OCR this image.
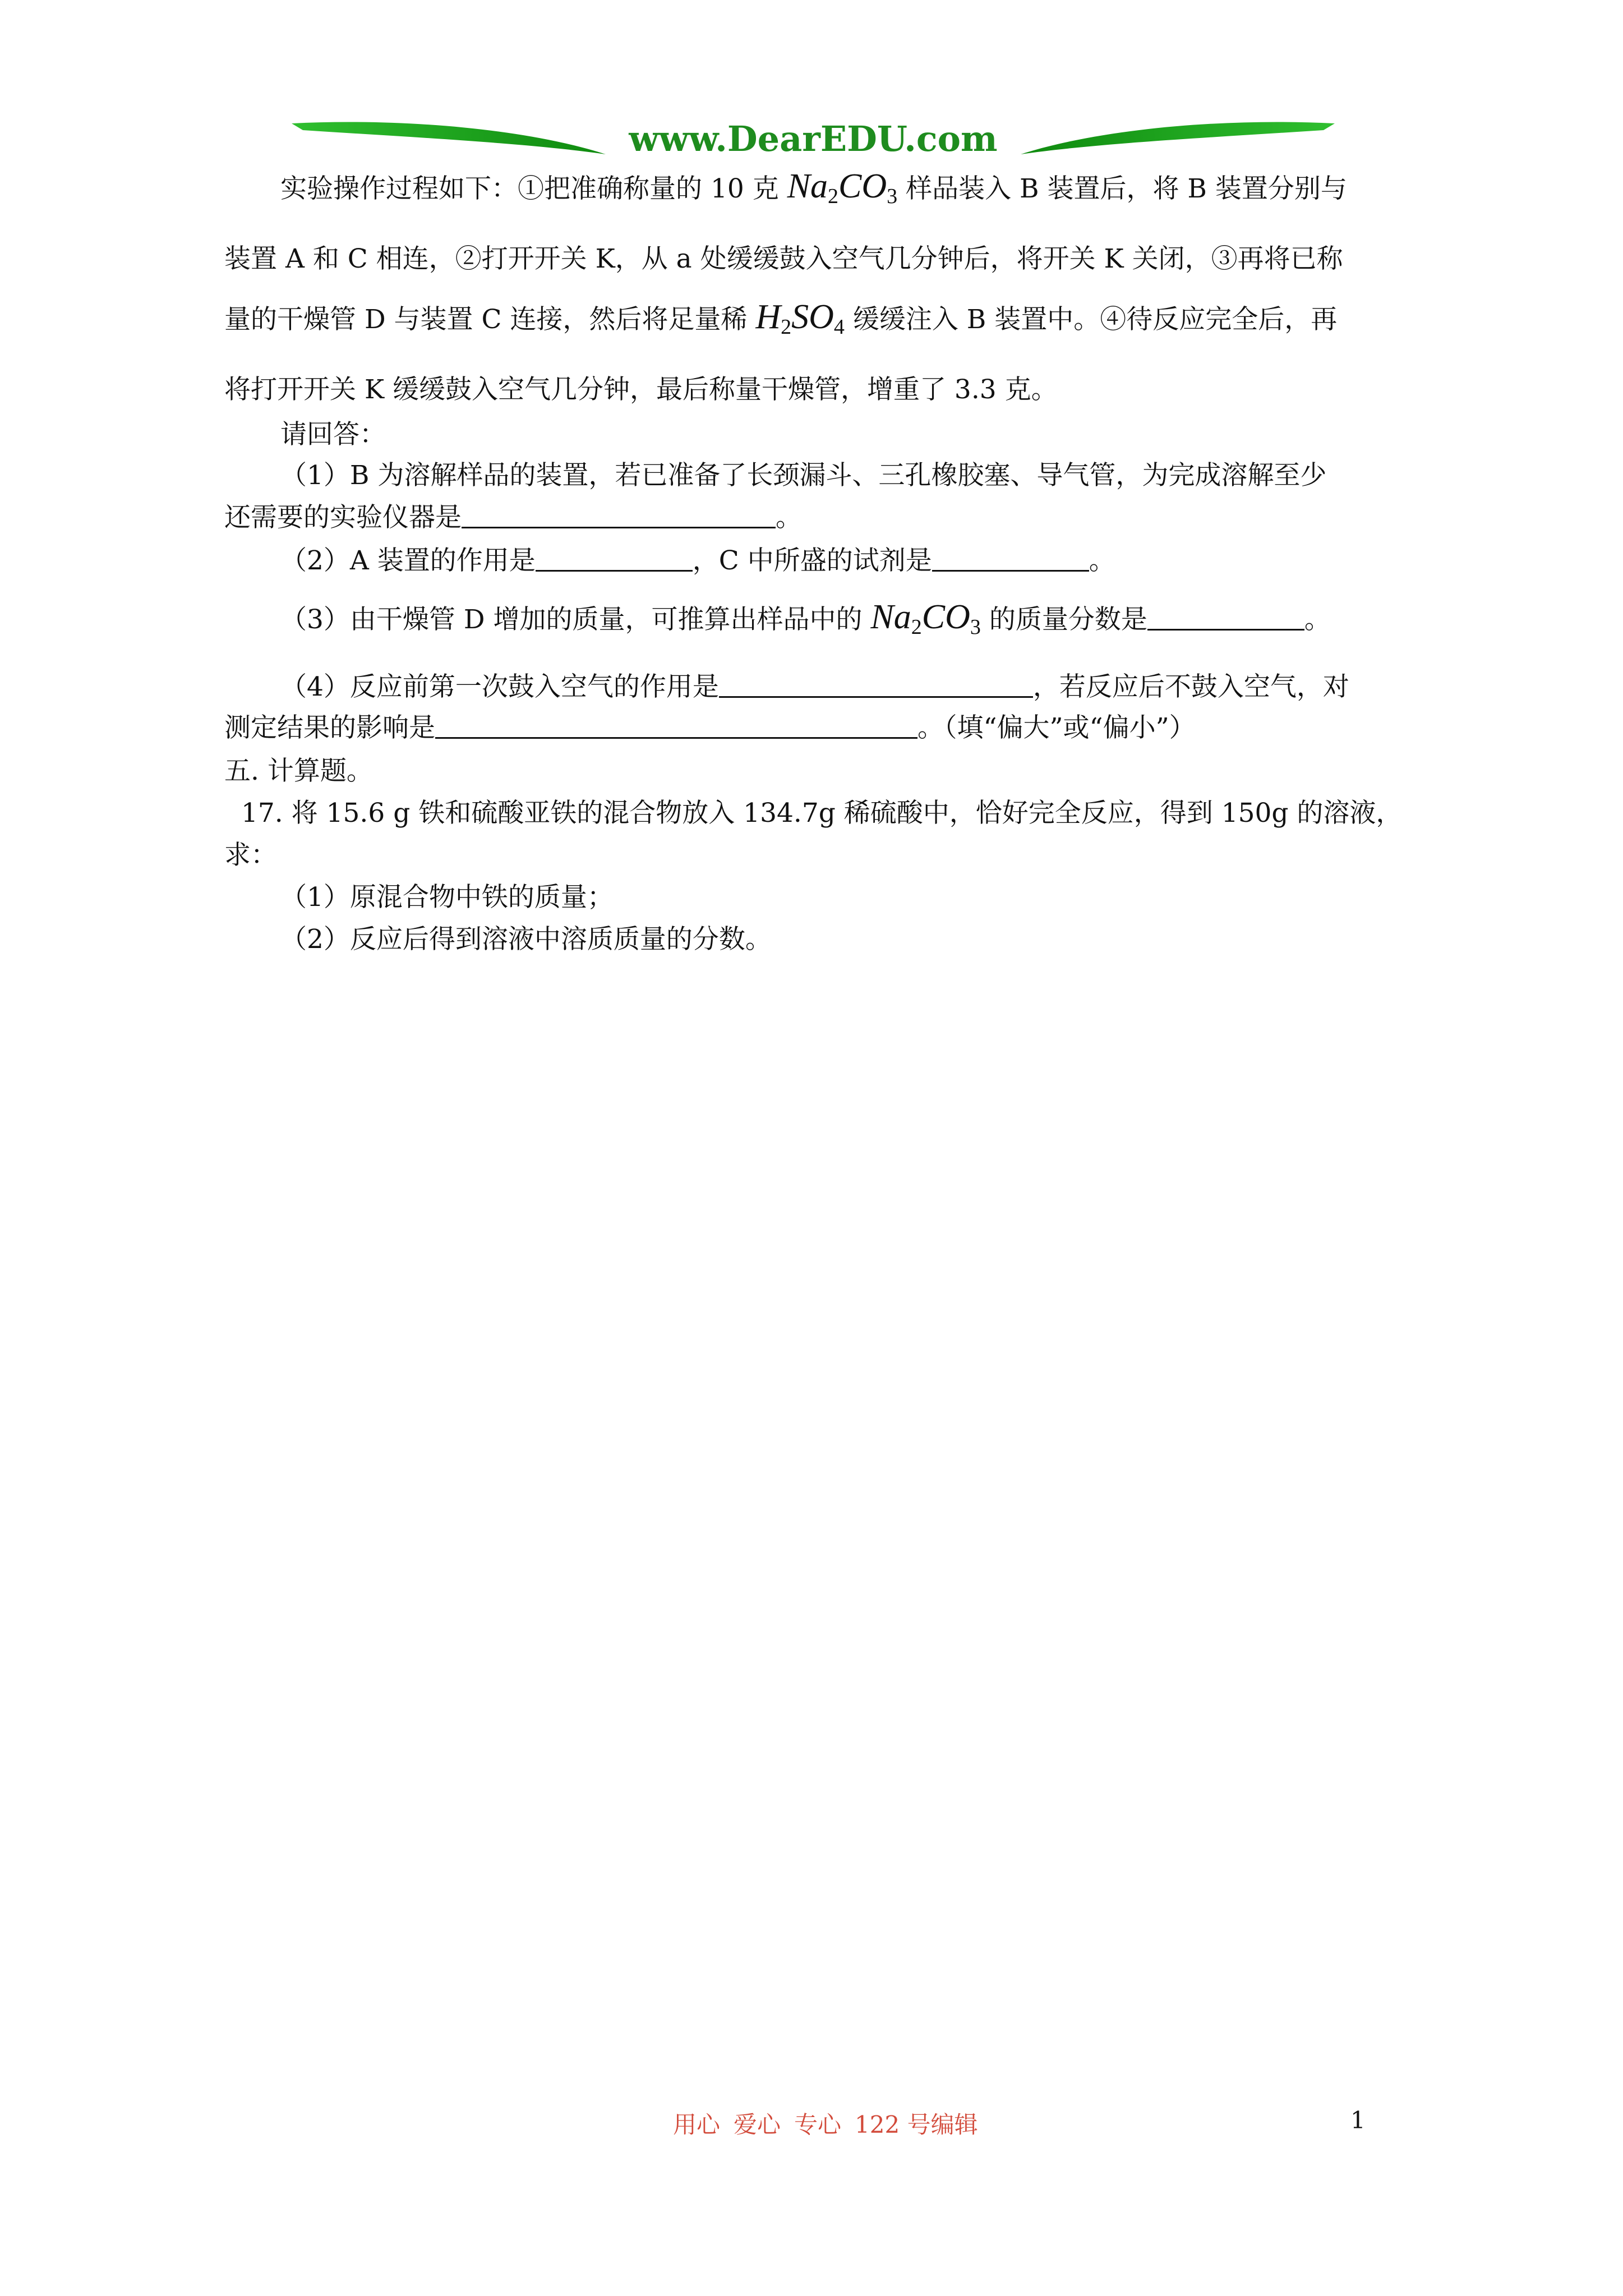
www.DearEDU.com
实验操作过程如下：①把准确称量的 10 克 $Na_2CO_3$ 样品装入 B 装置后，将 B 装置分别与
装置 A 和 C 相连，②打开开关 K，从 a 处缓缓鼓入空气几分钟后，将开关 K 关闭，③再将已称
量的干燥管 D 与装置 C 连接，然后将足量稀 $H_2SO_4$ 缓缓注入 B 装置中。④待反应完全后，再
将打开开关 K 缓缓鼓入空气几分钟，最后称量干燥管，增重了 3.3 克。
请回答：
（1）B 为溶解样品的装置，若已准备了长颈漏斗、三孔橡胶塞、导气管，为完成溶解至少
还需要的实验仪器是	。
（2）A 装置的作用是	，C 中所盛的试剂是	。
（3）由干燥管 D 增加的质量，可推算出样品中的 $Na_2CO_3$ 的质量分数是	。
（4）反应前第一次鼓入空气的作用是	，若反应后不鼓入空气，对
测定结果的影响是	。（填“偏大”或“偏小”）
五. 计算题。
17. 将 15.6 g 铁和硫酸亚铁的混合物放入 134.7g 稀硫酸中，恰好完全反应，得到 150g 的溶液，
求：
（1）原混合物中铁的质量；
（2）反应后得到溶液中溶质质量的分数。
用心 爱心 专心 122 号编辑	1
